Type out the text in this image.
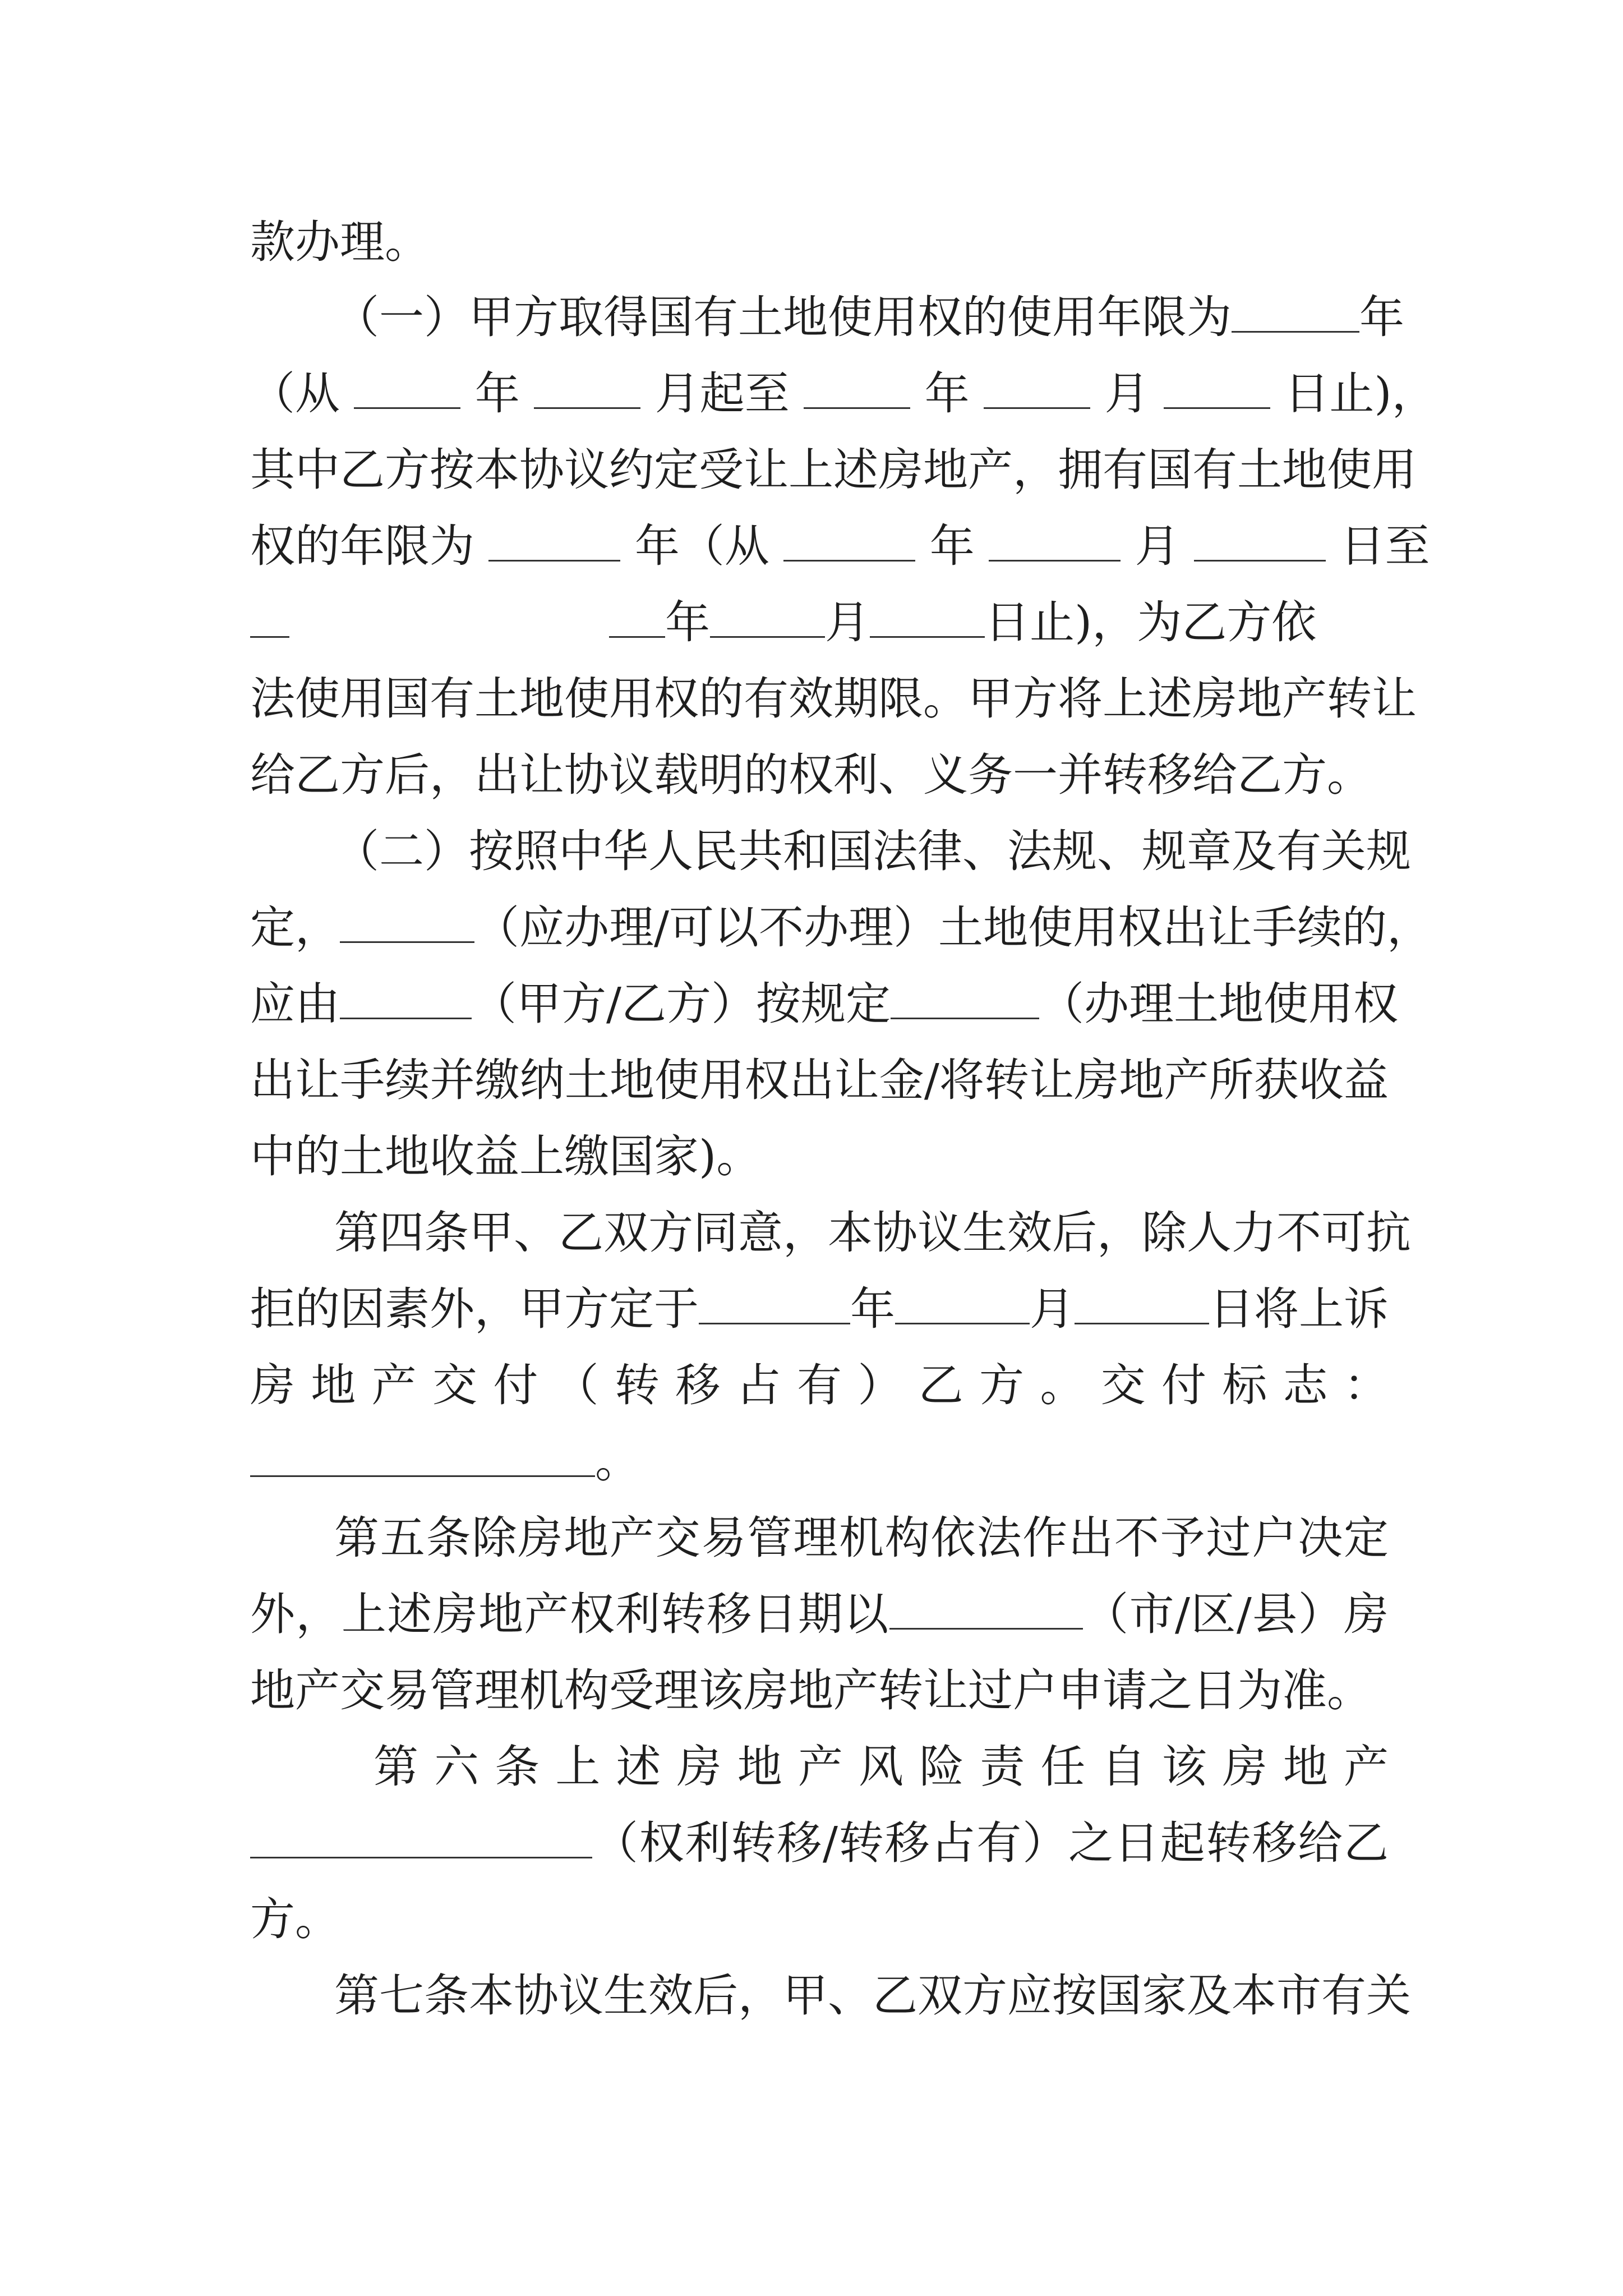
款办理。
（一）甲方取得国有土地使用权的使用年限为	年
（从	年	月起至	年	月	日止)，
其中乙方按本协议约定受让上述房地产，拥有国有土地使用
权的年限为	年（从	年	月	日至
年	月	日止)，为乙方依
法使用国有土地使用权的有效期限。甲方将上述房地产转让
给乙方后，出让协议载明的权利、义务一并转移给乙方。
（二）按照中华人民共和国法律、法规、规章及有关规
定，	（应办理/可以不办理）土地使用权出让手续的，
应由	（甲方/乙方）按规定	（办理土地使用权
出让手续并缴纳土地使用权出让金/将转让房地产所获收益
中的土地收益上缴国家)。
第四条甲、乙双方同意，本协议生效后，除人力不可抗
拒的因素外，甲方定于	年	月	日将上诉
房地产交付（转移占有）乙方。交付标志：
。
第五条除房地产交易管理机构依法作出不予过户决定
外，上述房地产权利转移日期以	（市/区/县）房
地产交易管理机构受理该房地产转让过户申请之日为准。
第六条上述房地产风险责任自该房地产
（权利转移/转移占有）之日起转移给乙
方。
第七条本协议生效后，甲、乙双方应按国家及本市有关
